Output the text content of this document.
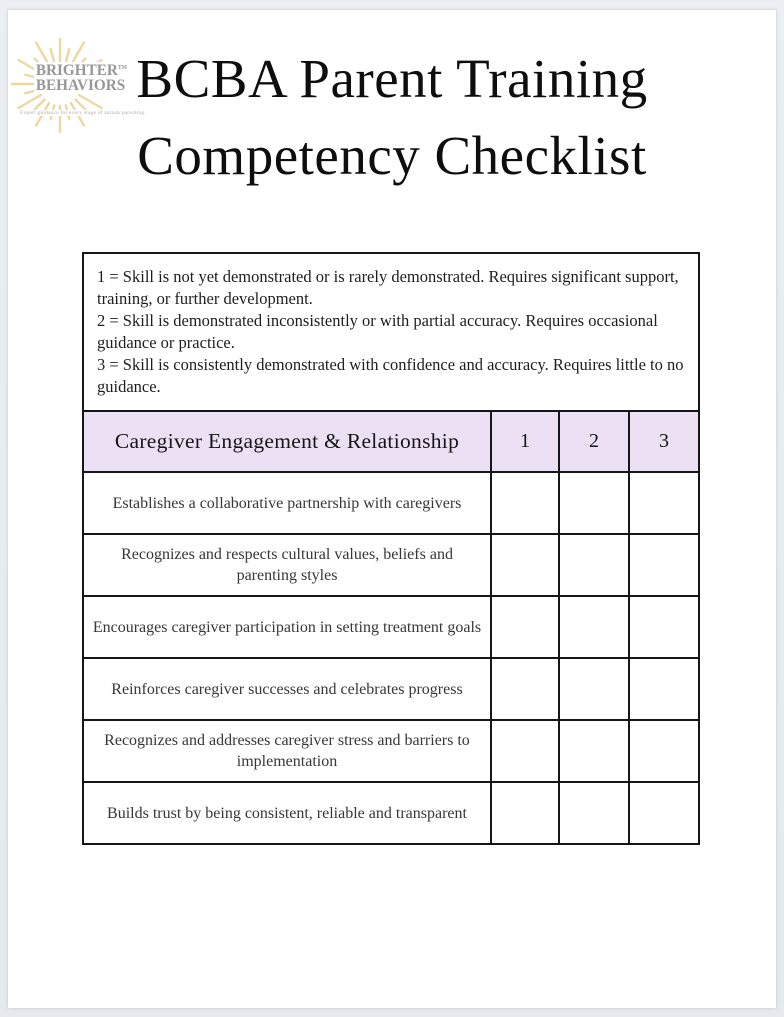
BRIGHTER™
BEHAVIORS
Expert guidance for every stage of autism parenting.
BCBA Parent Training
Competency Checklist

1 = Skill is not yet demonstrated or is rarely demonstrated. Requires significant support, training, or further development.

2 = Skill is demonstrated inconsistently or with partial accuracy. Requires occasional guidance or practice.

3 = Skill is consistently demonstrated with confidence and accuracy. Requires little to no guidance.			

Caregiver Engagement & Relationship	1	2	3
Establishes a collaborative partnership with caregivers			
Recognizes and respects cultural values, beliefs and parenting styles			
Encourages caregiver participation in setting treatment goals			
Reinforces caregiver successes and celebrates progress			
Recognizes and addresses caregiver stress and barriers to implementation			
Builds trust by being consistent, reliable and transparent			
